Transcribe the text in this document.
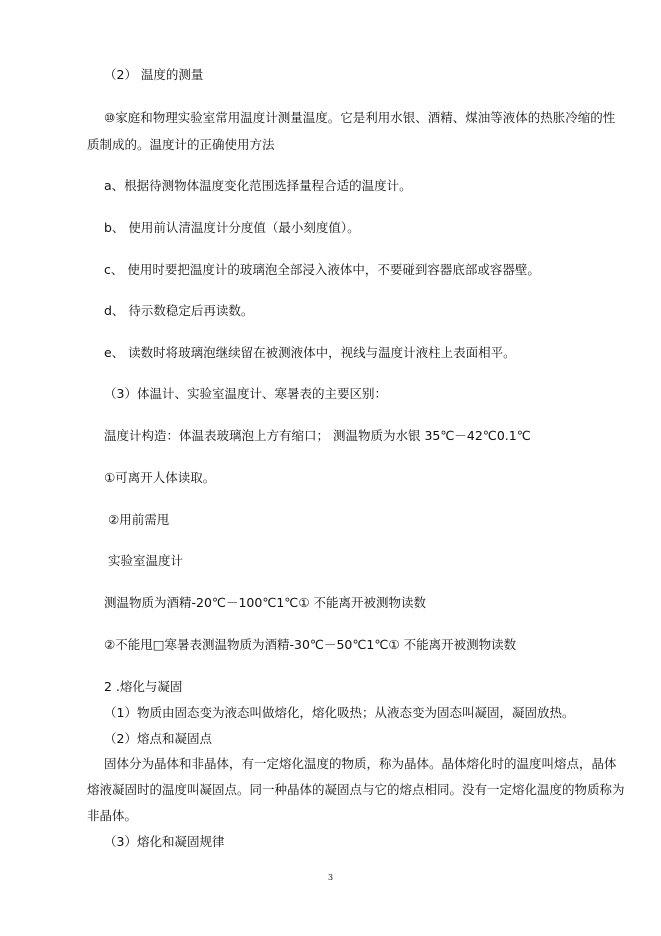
（2） 温度的测量
⑩家庭和物理实验室常用温度计测量温度。它是利用水银、酒精、煤油等液体的热胀冷缩的性
质制成的。温度计的正确使用方法
a、根据待测物体温度变化范围选择量程合适的温度计。
b、 使用前认清温度计分度值（最小刻度值）。
c、 使用时要把温度计的玻璃泡全部浸入液体中，不要碰到容器底部或容器壁。
d、 待示数稳定后再读数。
e、 读数时将玻璃泡继续留在被测液体中，视线与温度计液柱上表面相平。
（3）体温计、实验室温度计、寒暑表的主要区别：
温度计构造：体温表玻璃泡上方有缩口； 测温物质为水银 35℃－42℃0.1℃
①可离开人体读取。
②用前需甩
实验室温度计
测温物质为酒精-20℃－100℃1℃① 不能离开被测物读数
②不能甩□寒暑表测温物质为酒精-30℃－50℃1℃① 不能离开被测物读数
2 .熔化与凝固
（1）物质由固态变为液态叫做熔化，熔化吸热；从液态变为固态叫凝固，凝固放热。
（2）熔点和凝固点
固体分为晶体和非晶体，有一定熔化温度的物质，称为晶体。晶体熔化时的温度叫熔点，晶体
熔液凝固时的温度叫凝固点。同一种晶体的凝固点与它的熔点相同。没有一定熔化温度的物质称为
非晶体。
（3）熔化和凝固规律
3
